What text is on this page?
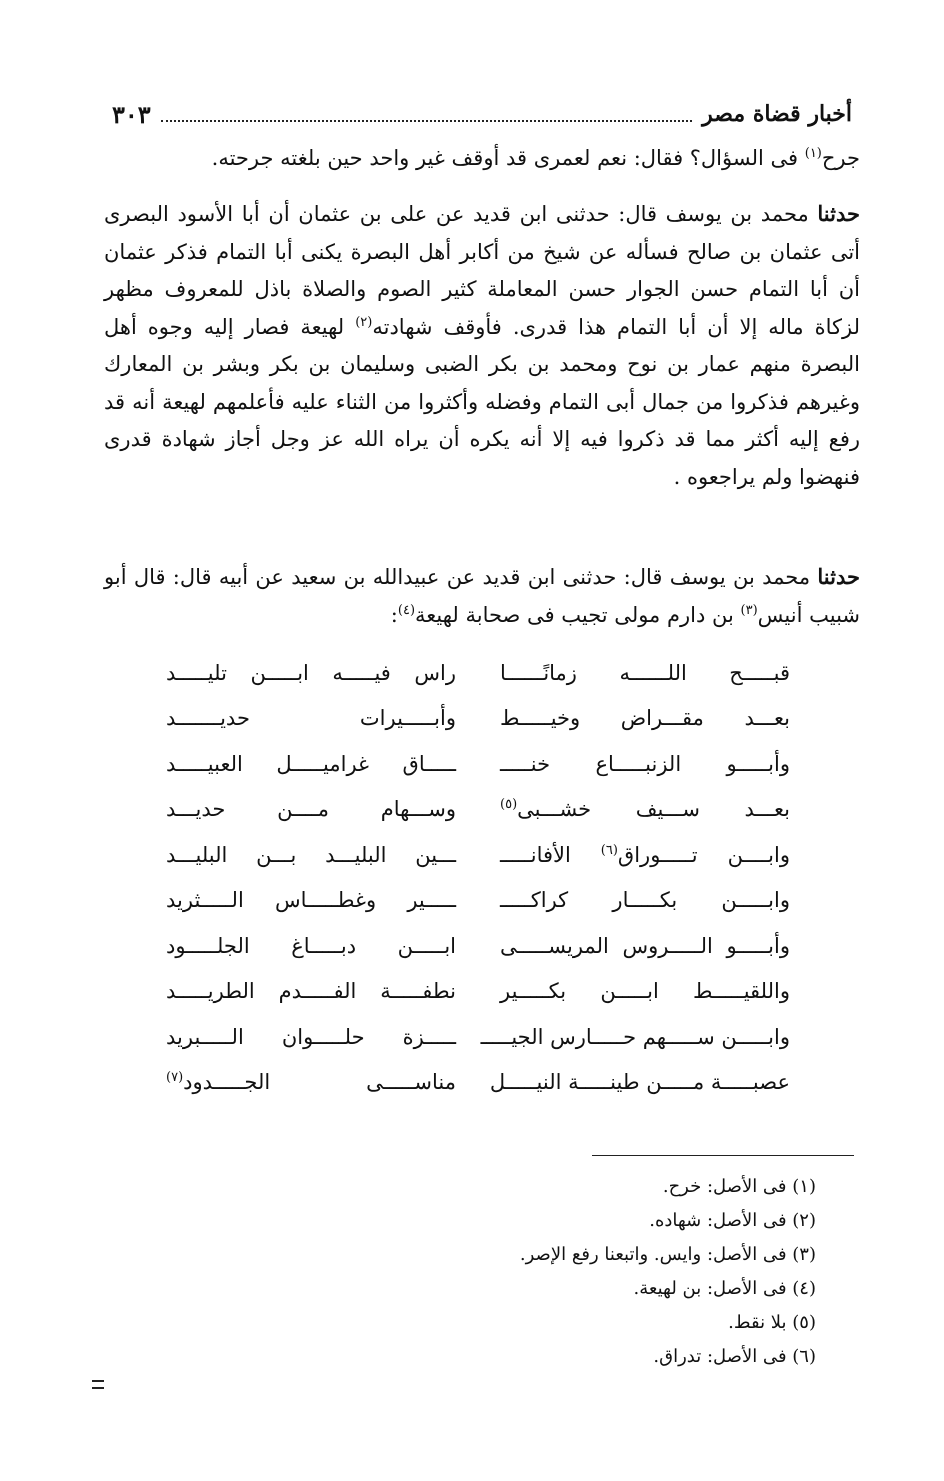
أخبار قضاة مصر
٣٠٣
جرح$^{(١)}$ فى السؤال؟ فقال: نعم لعمرى قد أوقف غير واحد حين بلغته جرحته.
حدثنا محمد بن يوسف قال: حدثنى ابن قديد عن على بن عثمان أن أبا الأسود البصرى أتى عثمان بن صالح فسأله عن شيخ من أكابر أهل البصرة يكنى أبا التمام فذكر عثمان أن أبا التمام حسن الجوار حسن المعاملة كثير الصوم والصلاة باذل للمعروف مظهر لزكاة ماله إلا أن أبا التمام هذا قدرى. فأوقف شهادته$^{(٢)}$ لهيعة فصار إليه وجوه أهل البصرة منهم عمار بن نوح ومحمد بن بكر الضبى وسليمان بن بكر وبشر بن المعارك وغيرهم فذكروا من جمال أبى التمام وفضله وأكثروا من الثناء عليه فأعلمهم لهيعة أنه قد رفع إليه أكثر مما قد ذكروا فيه إلا أنه يكره أن يراه الله عز وجل أجاز شهادة قدرى فنهضوا ولم يراجعوه .
حدثنا محمد بن يوسف قال: حدثنى ابن قديد عن عبيدالله بن سعيد عن أبيه قال: قال أبو شبيب أنيس$^{(٣)}$ بن دارم مولى تجيب فى صحابة لهيعة$^{(٤)}$:
قبـــــح اللــــــه زمانًــــــا
راس فيـــــه ابـــــن تليـــــد
بعـــد مقـــراض وخيـــــط
وأبـــــيرات حديـــــــد
وأبـــــو الزنبـــــاع خنـــــ
ـــــاق غراميـــــل العبيـــــد
بعـــد ســـيف خشـــبى$^{(٥)}$
وســـهام مــــن حديـــد
وابــــن تـــــوراق$^{(٦)}$ الأفانـــــ
ـــين البليـــد بـــن البليـــد
وابـــــن بكـــــار كراكـــــ
ـــــير وغطـــــاس الـــــثريد
وأبـــــو الـــــروس المريســـــى
ابـــــن دبـــــاغ الجلـــــود
واللقيـــــط ابـــــن بكـــــير
نطفـــــة الفـــــدم الطريـــــد
وابـــــن ســـــهم حـــــارس الجيـــــ
ـــــزة حلـــــوان الـــــبريد
عصبـــــة مـــــن طينـــــة النيـــــل
مناســـــى الجـــــدود$^{(٧)}$
(١) فى الأصل: خرح.
(٢) فى الأصل: شهاده.
(٣) فى الأصل: وايس. واتبعنا رفع الإصر.
(٤) فى الأصل: بن لهيعة.
(٥) بلا نقط.
(٦) فى الأصل: تدراق.
